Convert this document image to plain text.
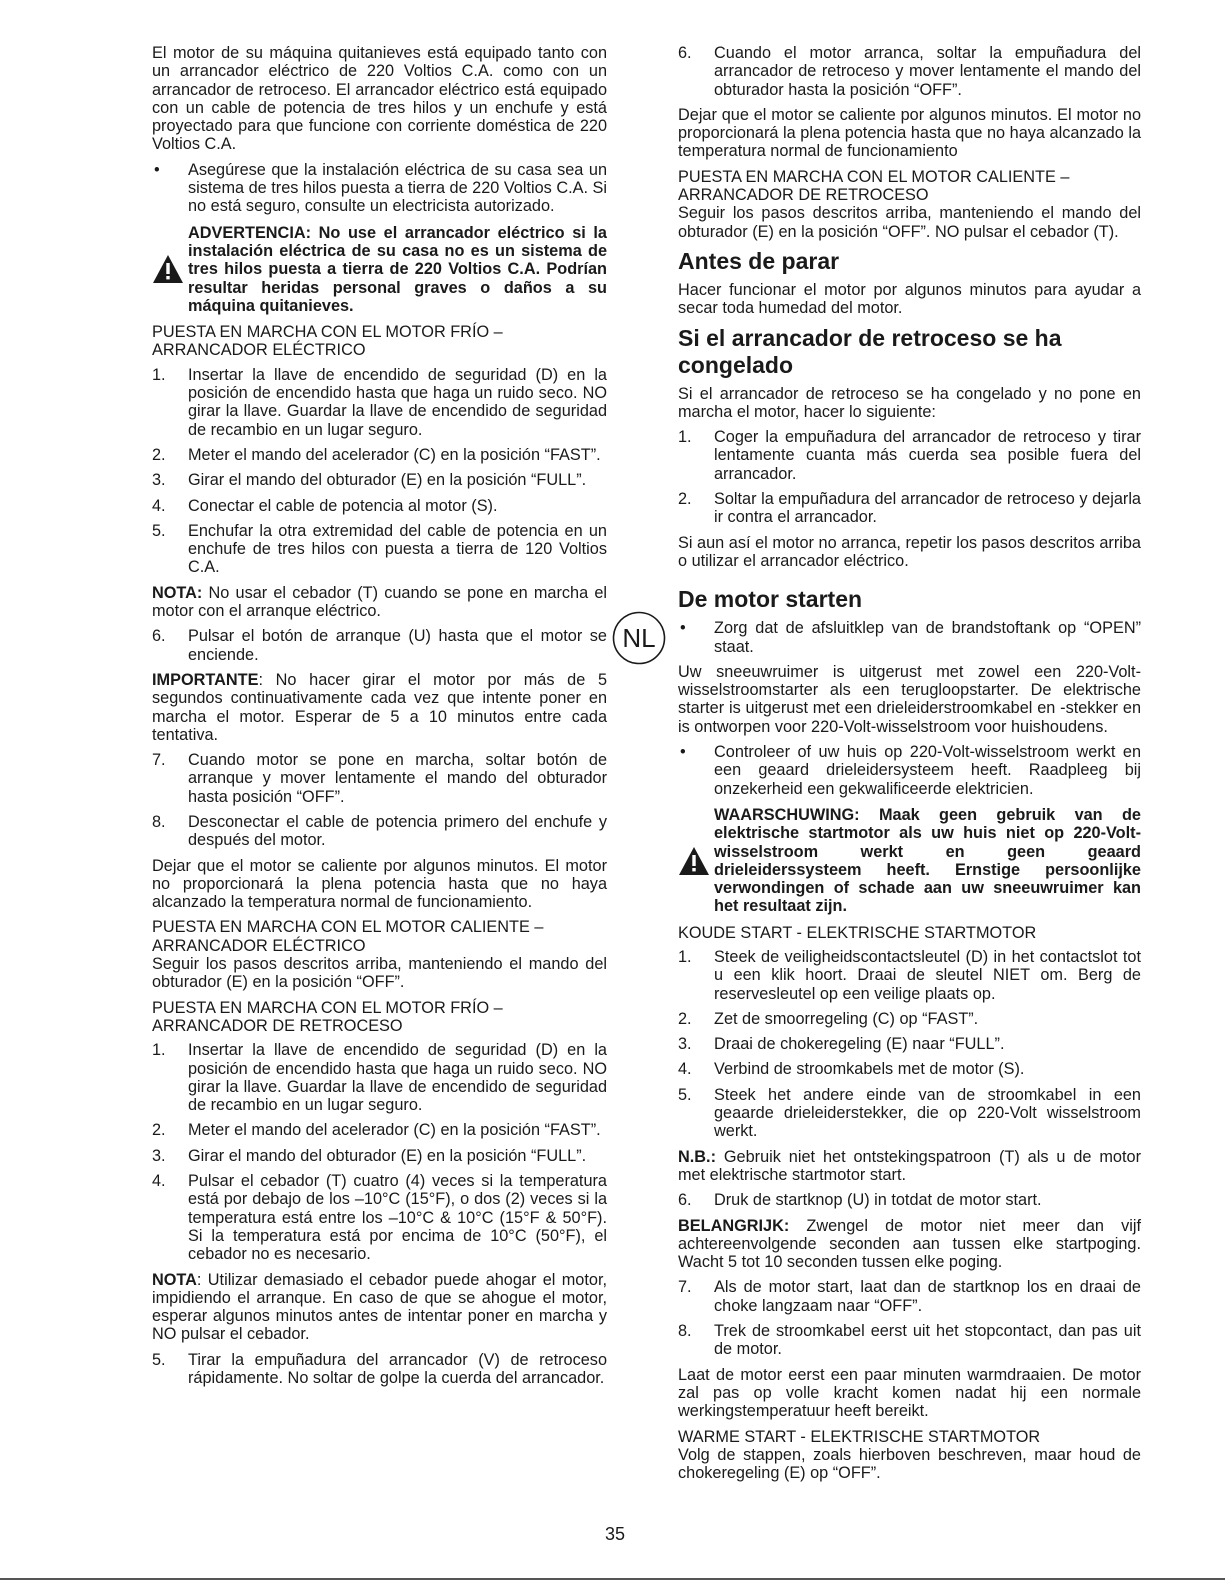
El motor de su máquina quitanieves está equipado tanto con un arrancador eléctrico de 220 Voltios C.A. como con un arrancador de retroceso. El arrancador eléctrico está equipado con un cable de potencia de tres hilos y un enchufe y está proyectado para que funcione con corriente doméstica de 220 Voltios C.A.

•	Asegúrese que la instalación eléctrica de su casa sea un sistema de tres hilos puesta a tierra de 220 Voltios C.A. Si no está seguro, consulte un electricista autorizado.
ADVERTENCIA: No use el arrancador eléctrico si la instalación eléctrica de su casa no es un sistema de tres hilos puesta a tierra de 220 Voltios C.A. Podrían resultar heridas personal graves o daños a su máquina quitanieves.

PUESTA EN MARCHA CON EL MOTOR FRÍO –
ARRANCADOR ELÉCTRICO

1.	Insertar la llave de encendido de seguridad (D) en la posición de encendido hasta que haga un ruido seco. NO girar la llave. Guardar la llave de encendido de seguridad de recambio en un lugar seguro.
2.	Meter el mando del acelerador (C) en la posición “FAST”.
3.	Girar el mando del obturador (E) en la posición “FULL”.
4.	Conectar el cable de potencia al motor (S).
5.	Enchufar la otra extremidad del cable de potencia en un enchufe de tres hilos con puesta a tierra de 120 Voltios C.A.

NOTA: No usar el cebador (T) cuando se pone en marcha el motor con el arranque eléctrico.

6.	Pulsar el botón de arranque (U) hasta que el motor se enciende.

IMPORTANTE: No hacer girar el motor por más de 5 segundos continuativamente cada vez que intente poner en marcha el motor. Esperar de 5 a 10 minutos entre cada tentativa.

7.	Cuando motor se pone en marcha, soltar botón de arranque y mover lentamente el mando del obturador hasta posición “OFF”.
8.	Desconectar el cable de potencia primero del enchufe y después del motor.

Dejar que el motor se caliente por algunos minutos. El motor no proporcionará la plena potencia hasta que no haya alcanzado la temperatura normal de funcionamiento.

PUESTA EN MARCHA CON EL MOTOR CALIENTE –
ARRANCADOR ELÉCTRICO

Seguir los pasos descritos arriba, manteniendo el mando del obturador (E) en la posición “OFF”.

PUESTA EN MARCHA CON EL MOTOR FRÍO –
ARRANCADOR DE RETROCESO

1.	Insertar la llave de encendido de seguridad (D) en la posición de encendido hasta que haga un ruido seco. NO girar la llave. Guardar la llave de encendido de seguridad de recambio en un lugar seguro.
2.	Meter el mando del acelerador (C) en la posición “FAST”.
3.	Girar el mando del obturador (E) en la posición “FULL”.
4.	Pulsar el cebador (T) cuatro (4) veces si la temperatura está por debajo de los –10°C (15°F), o dos (2) veces si la temperatura está entre los –10°C & 10°C (15°F & 50°F). Si la temperatura está por encima de 10°C (50°F), el cebador no es necesario.

NOTA: Utilizar demasiado el cebador puede ahogar el motor, impidiendo el arranque. En caso de que se ahogue el motor, esperar algunos minutos antes de intentar poner en marcha y NO pulsar el cebador.

5.	Tirar la empuñadura del arrancador (V) de retroceso rápidamente. No soltar de golpe la cuerda del arrancador.
NL
6.	Cuando el motor arranca, soltar la empuñadura del arrancador de retroceso y mover lentamente el mando del obturador hasta la posición “OFF”.

Dejar que el motor se caliente por algunos minutos. El motor no proporcionará la plena potencia hasta que no haya alcanzado la temperatura normal de funcionamiento

PUESTA EN MARCHA CON EL MOTOR CALIENTE –
ARRANCADOR DE RETROCESO

Seguir los pasos descritos arriba, manteniendo el mando del obturador (E) en la posición “OFF”. NO pulsar el cebador (T).

Antes de parar

Hacer funcionar el motor por algunos minutos para ayudar a secar toda humedad del motor.

Si el arrancador de retroceso se ha congelado

Si el arrancador de retroceso se ha congelado y no pone en marcha el motor, hacer lo siguiente:

1.	Coger la empuñadura del arrancador de retroceso y tirar lentamente cuanta más cuerda sea posible fuera del arrancador.
2.	Soltar la empuñadura del arrancador de retroceso y dejarla ir contra el arrancador.

Si aun así el motor no arranca, repetir los pasos descritos arriba o utilizar el arrancador eléctrico.

De motor starten
•	Zorg dat de afsluitklep van de brandstoftank op “OPEN” staat.

Uw sneeuwruimer is uitgerust met zowel een 220-Volt-wisselstroomstarter als een terugloopstarter. De elektrische starter is uitgerust met een drieleiderstroomkabel en -stekker en is ontworpen voor 220-Volt-wisselstroom voor huishoudens.

•	Controleer of uw huis op 220-Volt-wisselstroom werkt en een geaard drieleidersysteem heeft. Raadpleeg bij onzekerheid een gekwalificeerde elektricien.
WAARSCHUWING: Maak geen gebruik van de elektrische startmotor als uw huis niet op 220-Volt-wisselstroom werkt en geen geaard drieleiderssysteem heeft. Ernstige persoonlijke verwondingen of schade aan uw sneeuwruimer kan het resultaat zijn.

KOUDE START - ELEKTRISCHE STARTMOTOR

1.	Steek de veiligheidscontactsleutel (D) in het contactslot tot u een klik hoort. Draai de sleutel NIET om. Berg de reservesleutel op een veilige plaats op.
2.	Zet de smoorregeling (C) op “FAST”.
3.	Draai de chokeregeling (E) naar “FULL”.
4.	Verbind de stroomkabels met de motor (S).
5.	Steek het andere einde van de stroomkabel in een geaarde drieleiderstekker, die op 220-Volt wisselstroom werkt.

N.B.: Gebruik niet het ontstekingspatroon (T) als u de motor met elektrische startmotor start.

6.	Druk de startknop (U) in totdat de motor start.

BELANGRIJK: Zwengel de motor niet meer dan vijf achtereenvolgende seconden aan tussen elke startpoging. Wacht 5 tot 10 seconden tussen elke poging.

7.	Als de motor start, laat dan de startknop los en draai de choke langzaam naar “OFF”.
8.	Trek de stroomkabel eerst uit het stopcontact, dan pas uit de motor.

Laat de motor eerst een paar minuten warmdraaien. De motor zal pas op volle kracht komen nadat hij een normale werkingstemperatuur heeft bereikt.

WARME START - ELEKTRISCHE STARTMOTOR

Volg de stappen, zoals hierboven beschreven, maar houd de chokeregeling (E) op “OFF”.

35
